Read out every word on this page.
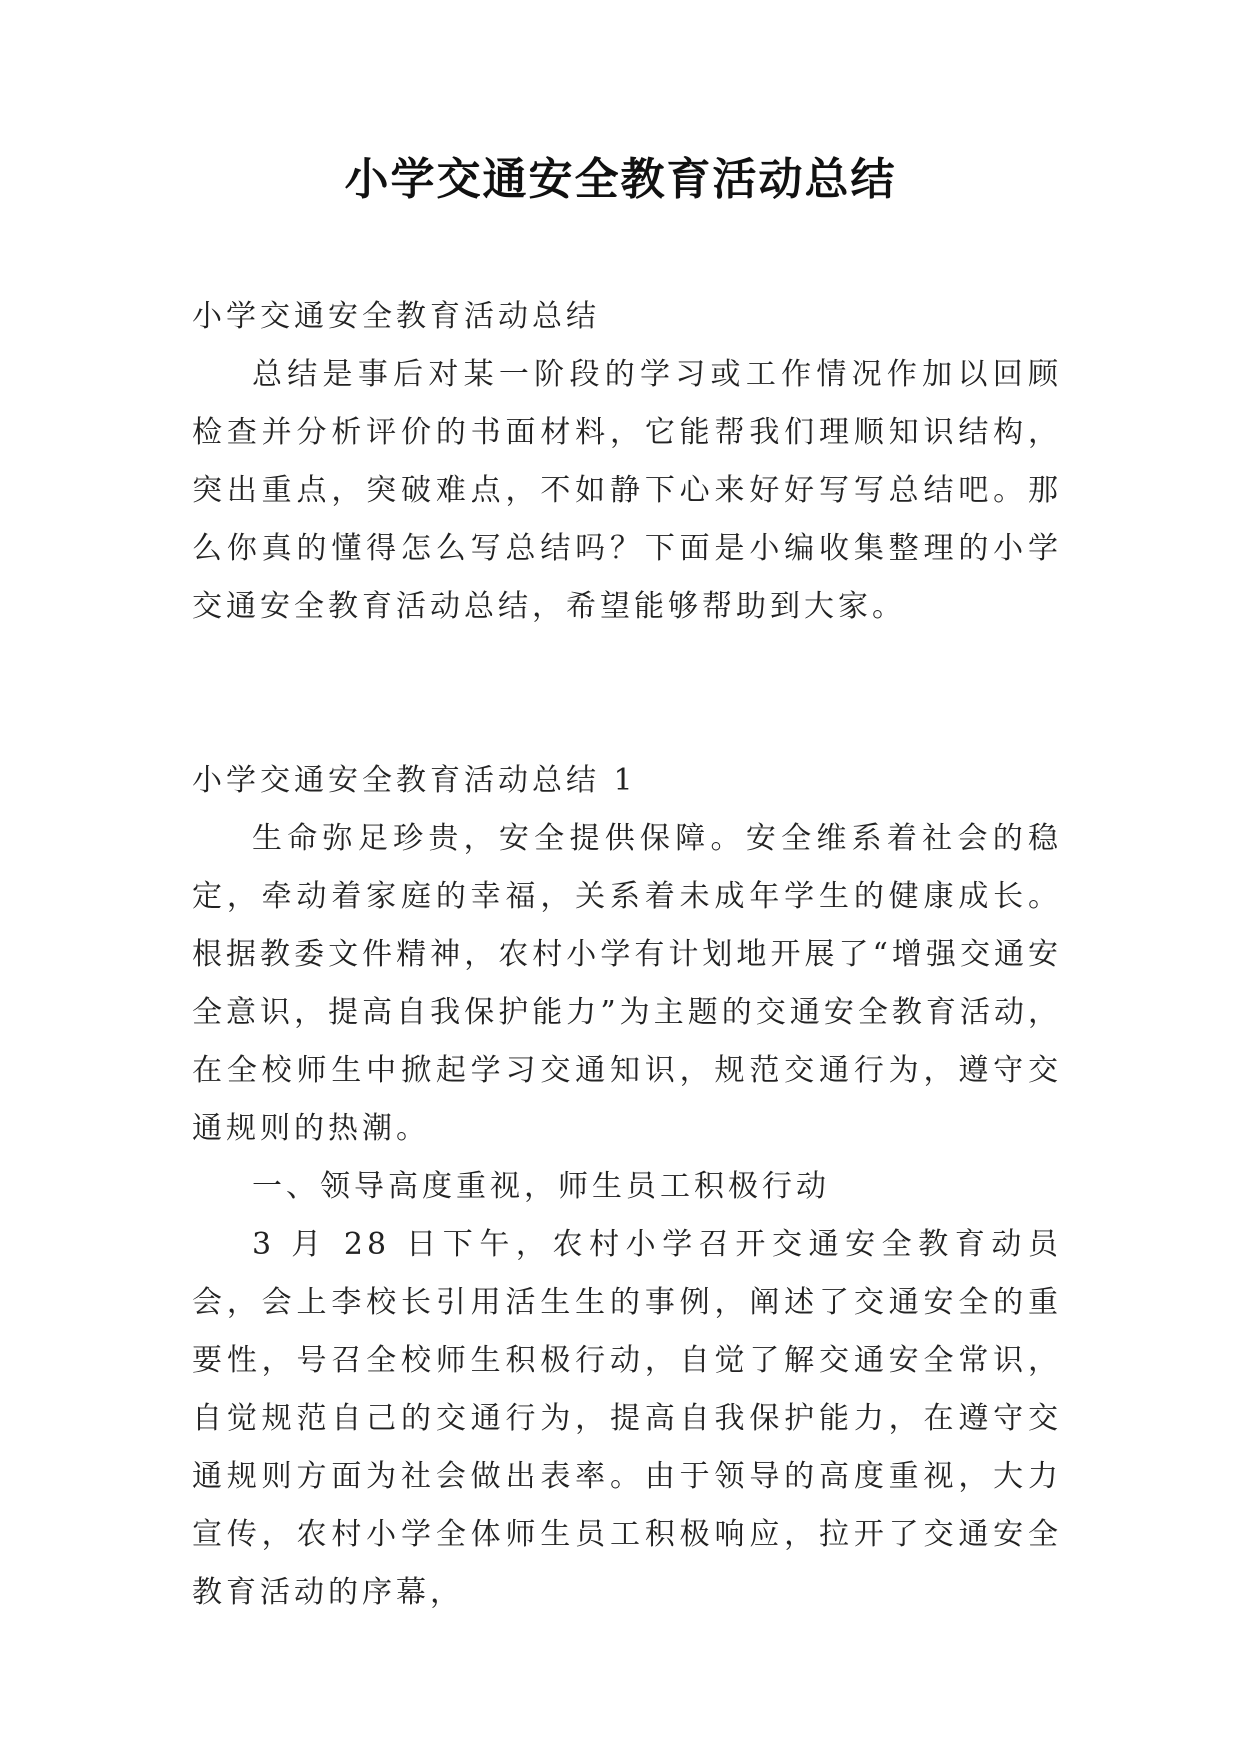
小学交通安全教育活动总结

小学交通安全教育活动总结

总结是事后对某一阶段的学习或工作情况作加以回顾检查并分析评价的书面材料，它能帮我们理顺知识结构，突出重点，突破难点，不如静下心来好好写写总结吧。那么你真的懂得怎么写总结吗？下面是小编收集整理的小学交通安全教育活动总结，希望能够帮助到大家。

小学交通安全教育活动总结 1

生命弥足珍贵，安全提供保障。安全维系着社会的稳定，牵动着家庭的幸福，关系着未成年学生的健康成长。根据教委文件精神，农村小学有计划地开展了“增强交通安全意识，提高自我保护能力”为主题的交通安全教育活动，在全校师生中掀起学习交通知识，规范交通行为，遵守交通规则的热潮。

一、领导高度重视，师生员工积极行动

3 月 28 日下午，农村小学召开交通安全教育动员会，会上李校长引用活生生的事例，阐述了交通安全的重要性，号召全校师生积极行动，自觉了解交通安全常识，自觉规范自己的交通行为，提高自我保护能力，在遵守交通规则方面为社会做出表率。由于领导的高度重视，大力宣传，农村小学全体师生员工积极响应，拉开了交通安全教育活动的序幕，
